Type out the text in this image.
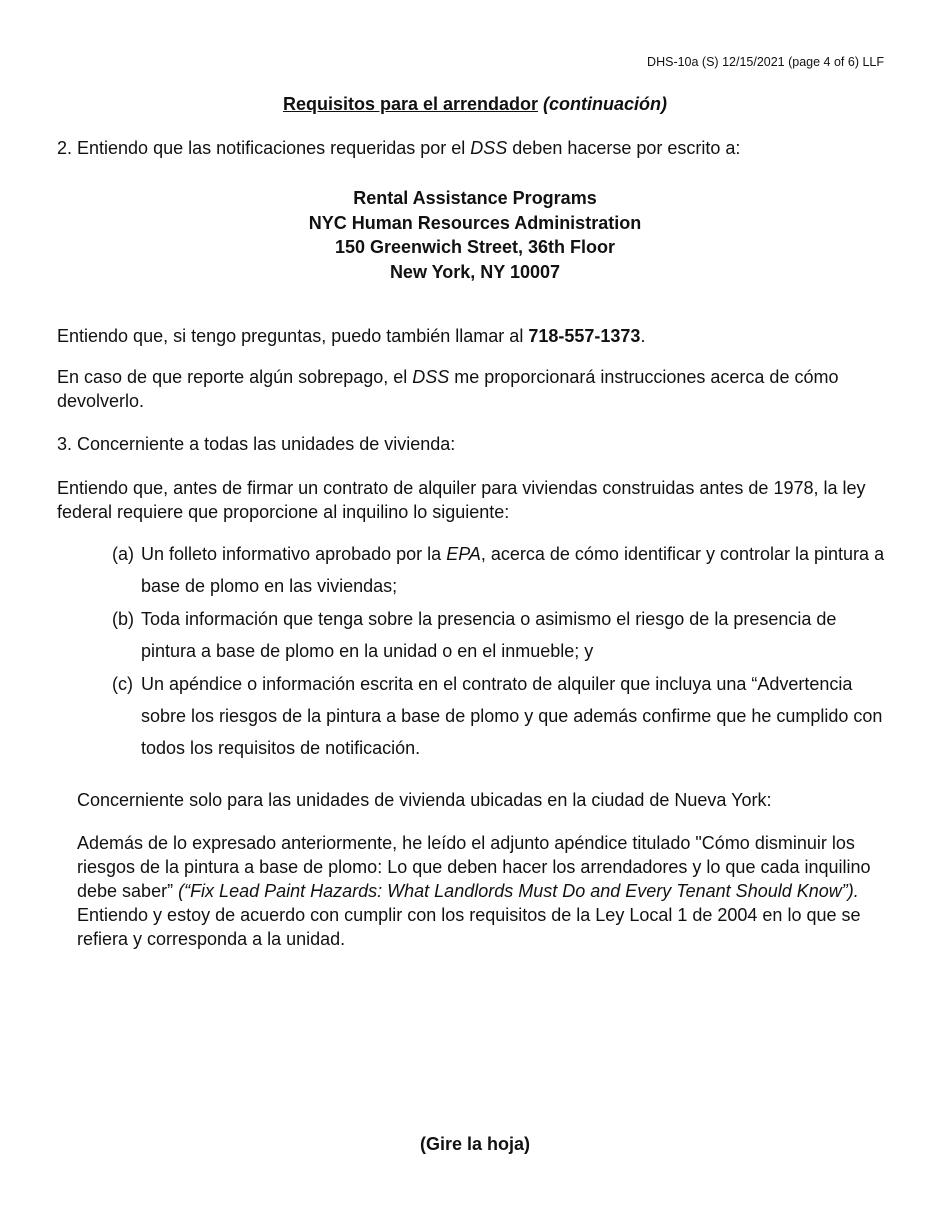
DHS-10a (S) 12/15/2021 (page 4 of 6) LLF
Requisitos para el arrendador (continuación)
2. Entiendo que las notificaciones requeridas por el DSS deben hacerse por escrito a:
Rental Assistance Programs
NYC Human Resources Administration
150 Greenwich Street, 36th Floor
New York, NY 10007
Entiendo que, si tengo preguntas, puedo también llamar al 718-557-1373.
En caso de que reporte algún sobrepago, el DSS me proporcionará instrucciones acerca de cómo devolverlo.
3. Concerniente a todas las unidades de vivienda:
Entiendo que, antes de firmar un contrato de alquiler para viviendas construidas antes de 1978, la ley federal requiere que proporcione al inquilino lo siguiente:
(a) Un folleto informativo aprobado por la EPA, acerca de cómo identificar y controlar la pintura a base de plomo en las viviendas;
(b) Toda información que tenga sobre la presencia o asimismo el riesgo de la presencia de pintura a base de plomo en la unidad o en el inmueble; y
(c) Un apéndice o información escrita en el contrato de alquiler que incluya una “Advertencia sobre los riesgos de la pintura a base de plomo y que además confirme que he cumplido con todos los requisitos de notificación.
Concerniente solo para las unidades de vivienda ubicadas en la ciudad de Nueva York:
Además de lo expresado anteriormente, he leído el adjunto apéndice titulado "Cómo disminuir los riesgos de la pintura a base de plomo: Lo que deben hacer los arrendadores y lo que cada inquilino debe saber” (“Fix Lead Paint Hazards: What Landlords Must Do and Every Tenant Should Know”). Entiendo y estoy de acuerdo con cumplir con los requisitos de la Ley Local 1 de 2004 en lo que se refiera y corresponda a la unidad.
(Gire la hoja)
